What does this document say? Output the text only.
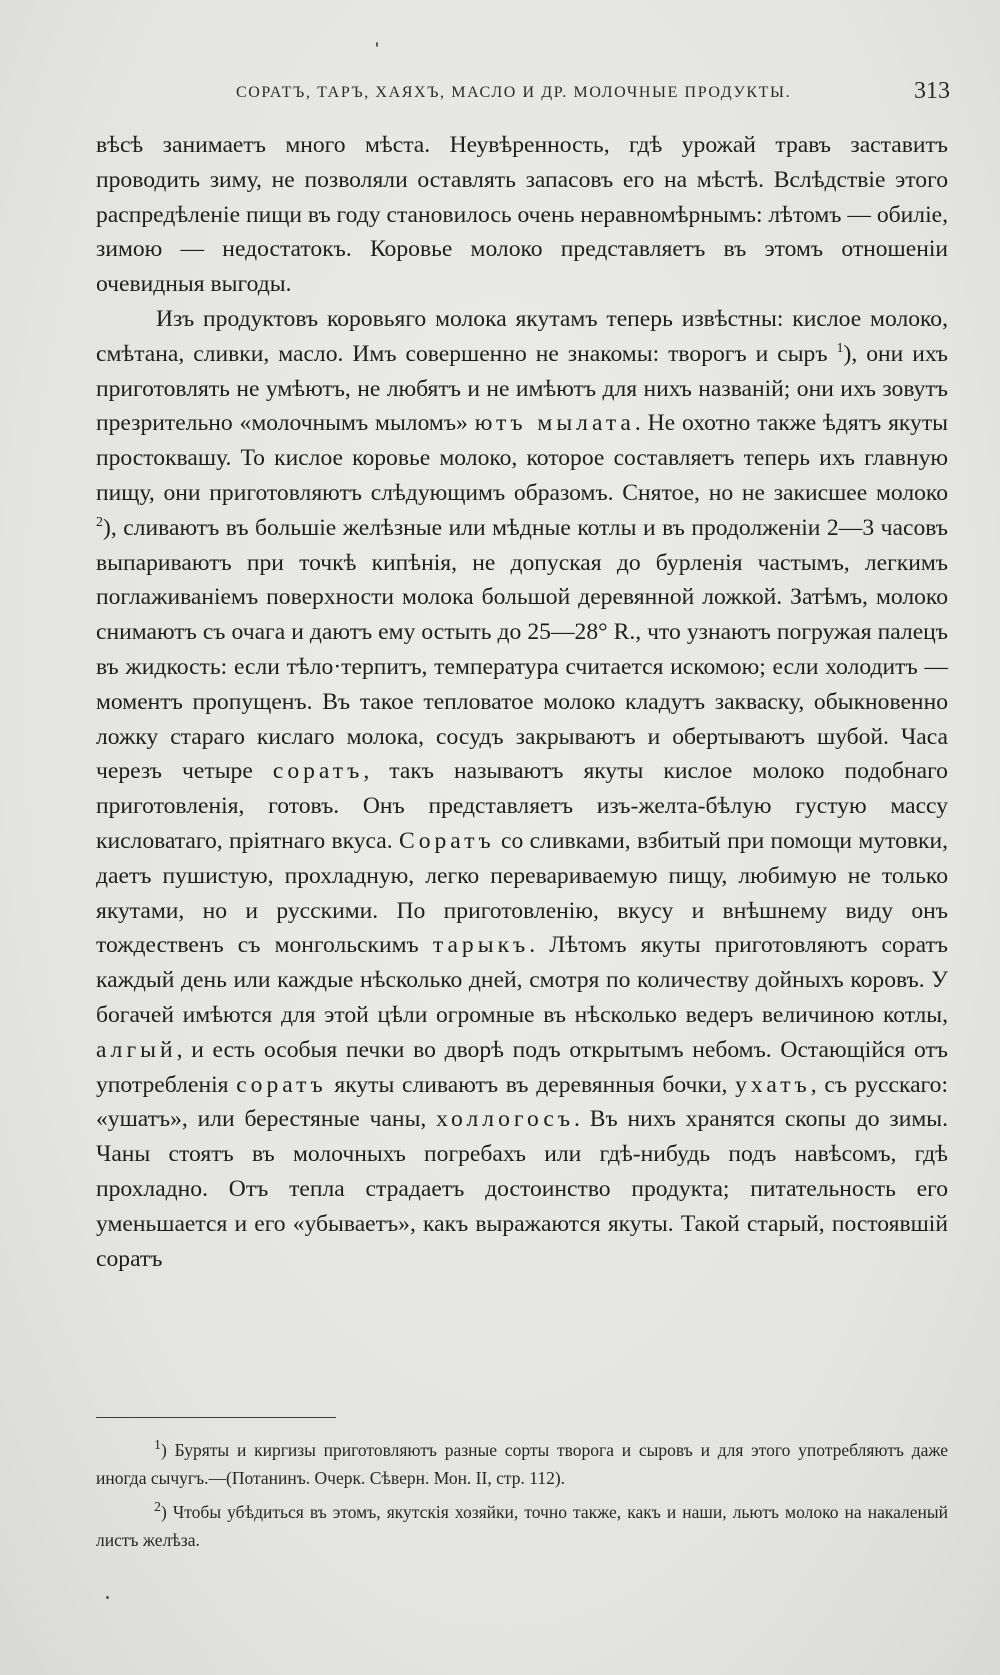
СОРАТЪ, ТАРЪ, ХАЯХЪ, МАСЛО И ДР. МОЛОЧНЫЕ ПРОДУКТЫ.	313

вѣсѣ занимаетъ много мѣста. Неувѣренность, гдѣ урожай травъ заставитъ проводить зиму, не позволяли оставлять запасовъ его на мѣстѣ. Вслѣдствіе этого распредѣленіе пищи въ году становилось очень неравномѣрнымъ: лѣтомъ — обиліе, зимою — недостатокъ. Коровье молоко представляетъ въ этомъ отношеніи очевидныя выгоды.

Изъ продуктовъ коровьяго молока якутамъ теперь извѣстны: кислое молоко, смѣтана, сливки, масло. Имъ совершенно не знакомы: творогъ и сыръ $^1$), они ихъ приготовлять не умѣютъ, не любятъ и не имѣютъ для нихъ названій; они ихъ зовутъ презрительно «молочнымъ мыломъ» ютъ мылата. Не охотно также ѣдятъ якуты простоквашу. То кислое коровье молоко, которое составляетъ теперь ихъ главную пищу, они приготовляютъ слѣдующимъ образомъ. Снятое, но не закисшее молоко $^2$), сливаютъ въ большіе желѣзные или мѣдные котлы и въ продолженіи 2—3 часовъ выпариваютъ при точкѣ кипѣнія, не допуская до бурленія частымъ, легкимъ поглаживаніемъ поверхности молока большой деревянной ложкой. Затѣмъ, молоко снимаютъ съ очага и даютъ ему остыть до 25—28° R., что узнаютъ погружая палецъ въ жидкость: если тѣло·терпитъ, температура считается искомою; если холодитъ — моментъ пропущенъ. Въ такое тепловатое молоко кладутъ закваску, обыкновенно ложку стараго кислаго молока, сосудъ закрываютъ и обертываютъ шубой. Часа черезъ четыре соратъ, такъ называютъ якуты кислое молоко подобнаго приготовленія, готовъ. Онъ представляетъ изъ-желта-бѣлую густую массу кисловатаго, пріятнаго вкуса. Соратъ со сливками, взбитый при помощи мутовки, даетъ пушистую, прохладную, легко перевариваемую пищу, любимую не только якутами, но и русскими. По приготовленію, вкусу и внѣшнему виду онъ тождественъ съ монгольскимъ тарыкъ. Лѣтомъ якуты приготовляютъ соратъ каждый день или каждые нѣсколько дней, смотря по количеству дойныхъ коровъ. У богачей имѣются для этой цѣли огромные въ нѣсколько ведеръ величиною котлы, алгый, и есть особыя печки во дворѣ подъ открытымъ небомъ. Остающійся отъ употребленія соратъ якуты сливаютъ въ деревянныя бочки, ухатъ, съ русскаго: «ушатъ», или берестяные чаны, холлогосъ. Въ нихъ хранятся скопы до зимы. Чаны стоятъ въ молочныхъ погребахъ или гдѣ-нибудь подъ навѣсомъ, гдѣ прохладно. Отъ тепла страдаетъ достоинство продукта; питательность его уменьшается и его «убываетъ», какъ выражаются якуты. Такой старый, постоявшій соратъ

$^1$) Буряты и киргизы приготовляютъ разные сорты творога и сыровъ и для этого употребляютъ даже иногда сычугъ.—(Потанинъ. Очерк. Сѣверн. Мон. II, стр. 112).

$^2$) Чтобы убѣдиться въ этомъ, якутскія хозяйки, точно также, какъ и наши, льютъ молоко на накаленый листъ желѣза.
